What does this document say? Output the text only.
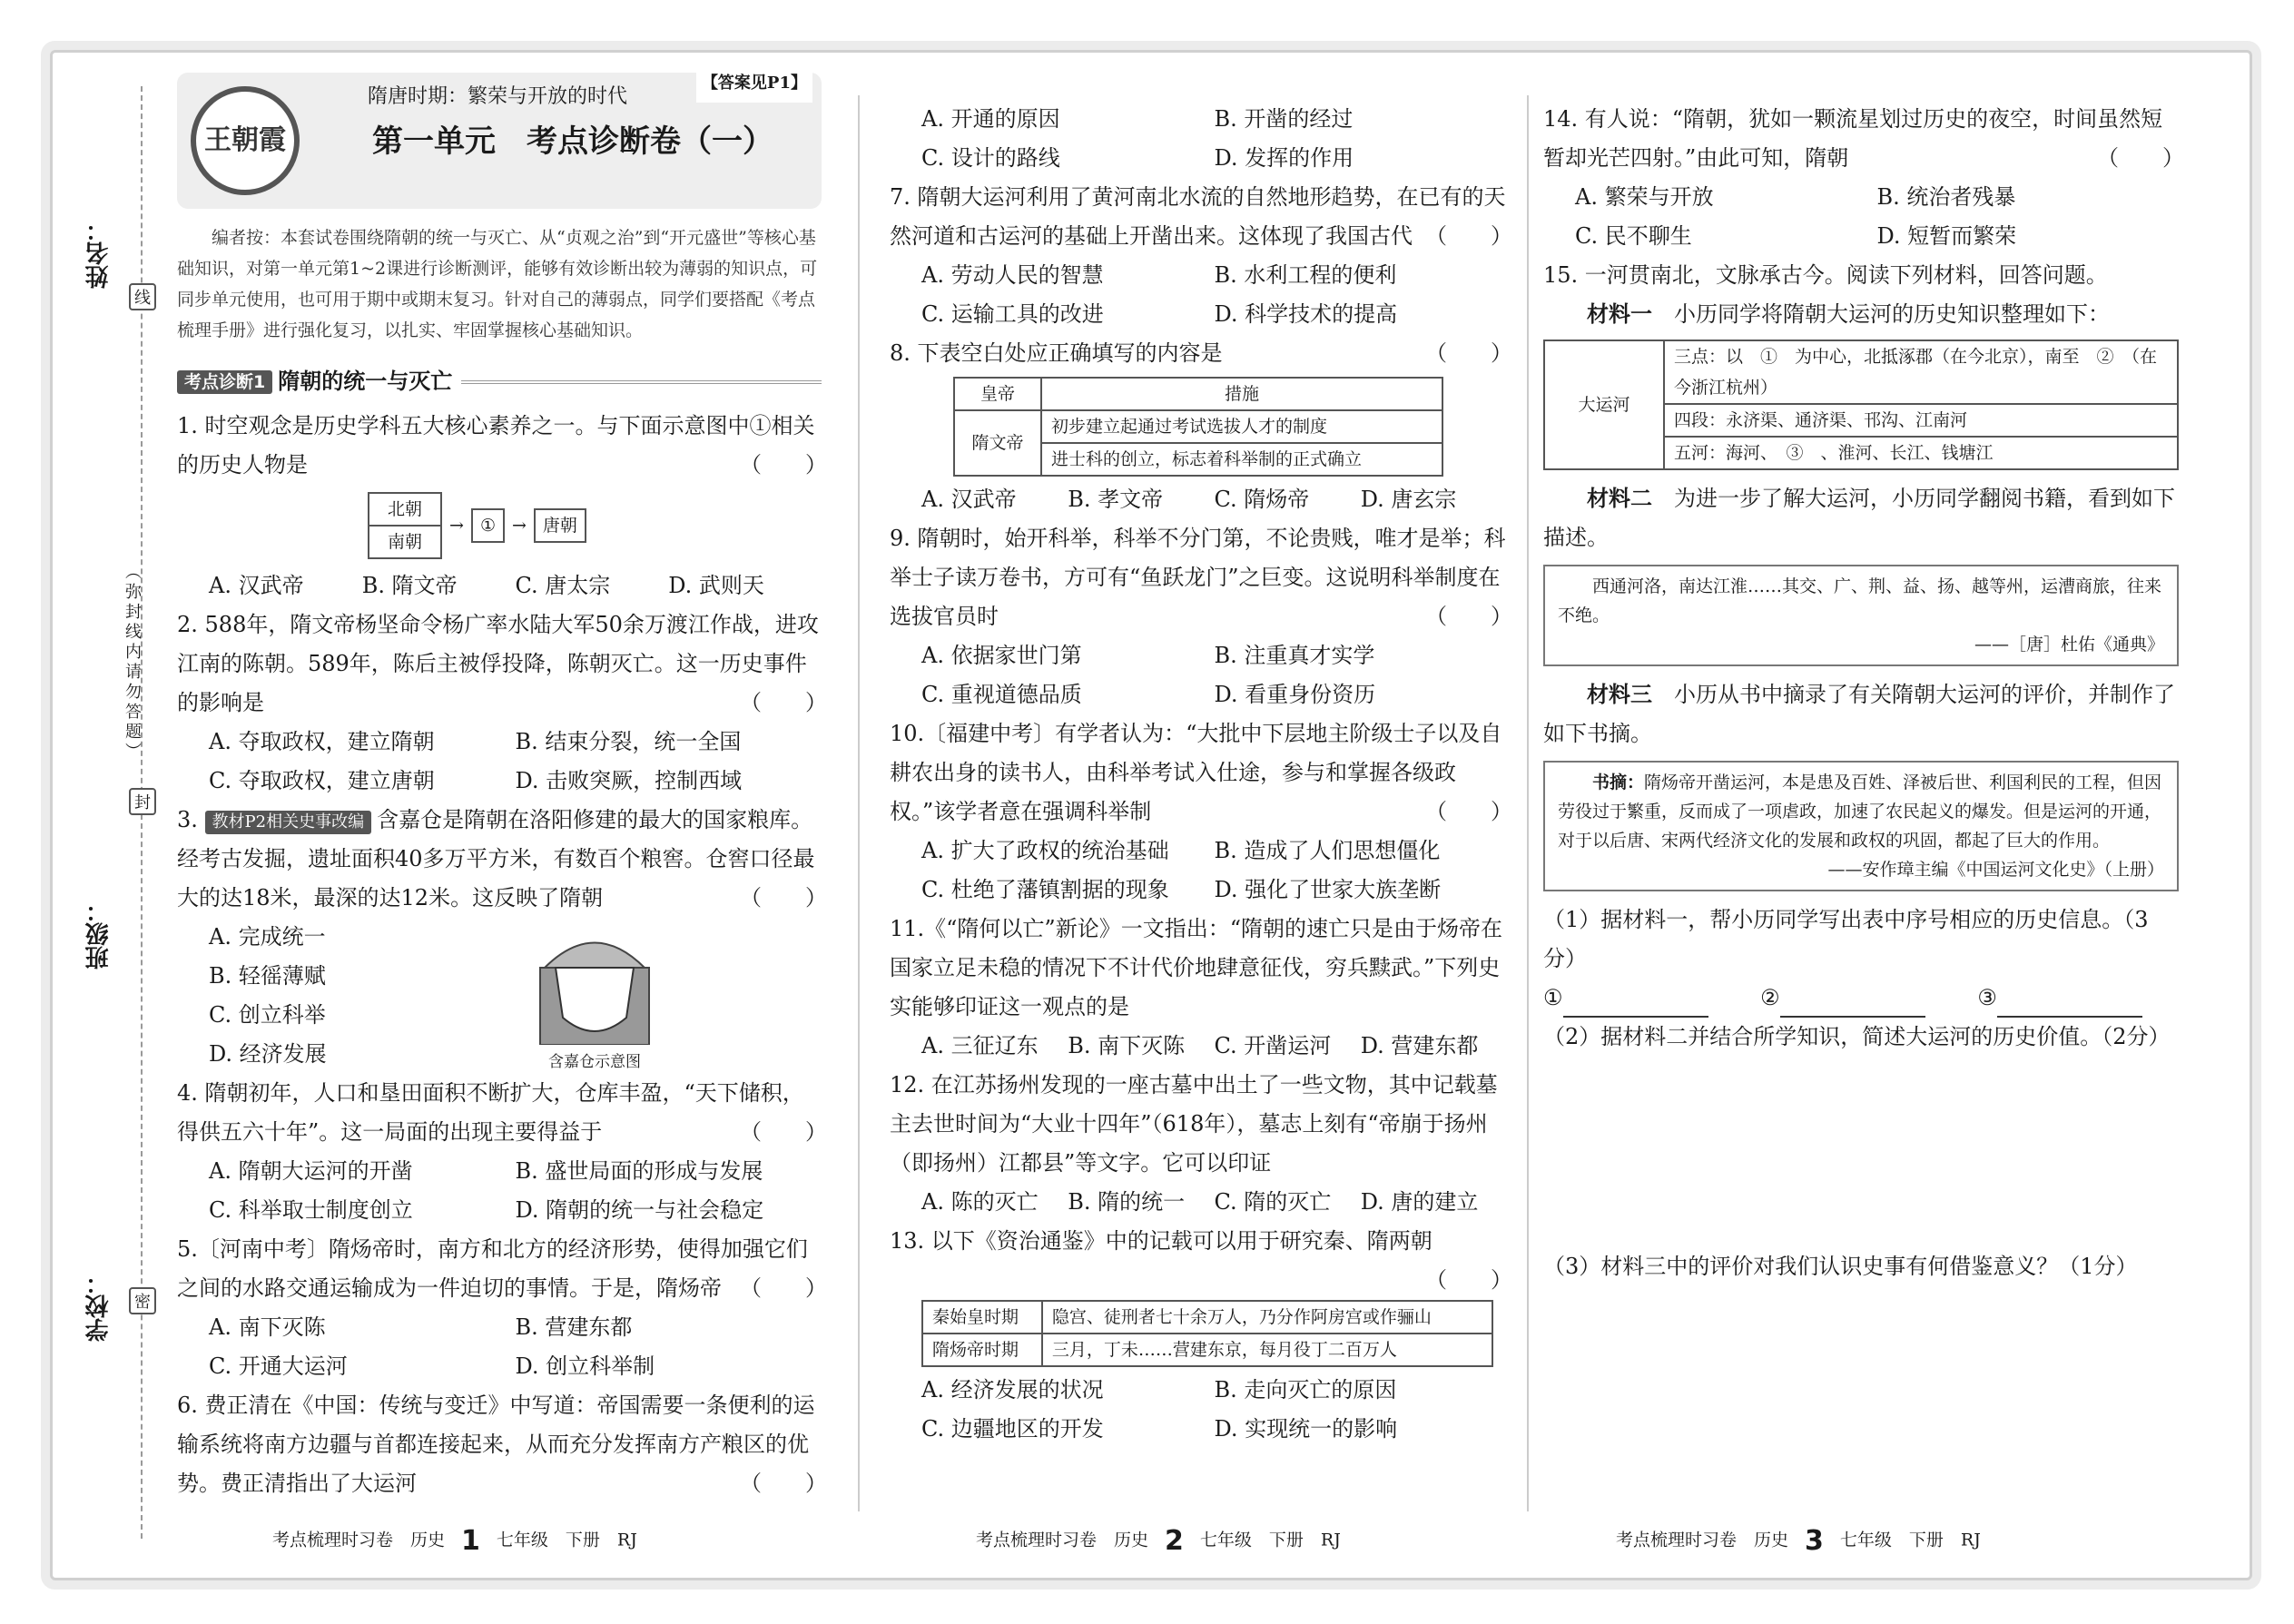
姓名：
班级：
学校：
线
封
密
（弥封线内请勿答题）
王朝霞
隋唐时期：繁荣与开放的时代
【答案见P1】
第一单元　考点诊断卷（一）

编者按：本套试卷围绕隋朝的统一与灭亡、从“贞观之治”到“开元盛世”等核心基础知识，对第一单元第1~2课进行诊断测评，能够有效诊断出较为薄弱的知识点，可同步单元使用，也可用于期中或期末复习。针对自己的薄弱点，同学们要搭配《考点梳理手册》进行强化复习，以扎实、牢固掌握核心基础知识。

考点诊断1 隋朝的统一与灭亡

1. 时空观念是历史学科五大核心素养之一。与下面示意图中①相关的历史人物是	（　　）

北朝
南朝
→ ① → 唐朝
A. 汉武帝	B. 隋文帝	C. 唐太宗	D. 武则天

2. 588年，隋文帝杨坚命令杨广率水陆大军50余万渡江作战，进攻江南的陈朝。589年，陈后主被俘投降，陈朝灭亡。这一历史事件的影响是	（　　）

A. 夺取政权，建立隋朝	B. 结束分裂，统一全国
C. 夺取政权，建立唐朝	D. 击败突厥，控制西域

3. 教材P2相关史事改编 含嘉仓是隋朝在洛阳修建的最大的国家粮库。经考古发掘，遗址面积40多万平方米，有数百个粮窖。仓窖口径最大的达18米，最深的达12米。这反映了隋朝	（　　）

A. 完成统一
B. 轻徭薄赋
C. 创立科举
D. 经济发展	含嘉仓示意图

4. 隋朝初年，人口和垦田面积不断扩大，仓库丰盈，“天下储积，得供五六十年”。这一局面的出现主要得益于	（　　）

A. 隋朝大运河的开凿	B. 盛世局面的形成与发展
C. 科举取士制度创立	D. 隋朝的统一与社会稳定

5.〔河南中考〕隋炀帝时，南方和北方的经济形势，使得加强它们之间的水路交通运输成为一件迫切的事情。于是，隋炀帝 （　　）

A. 南下灭陈	B. 营建东都
C. 开通大运河	D. 创立科举制

6. 费正清在《中国：传统与变迁》中写道：帝国需要一条便利的运输系统将南方边疆与首都连接起来，从而充分发挥南方产粮区的优势。费正清指出了大运河	（　　）

A. 开通的原因	B. 开凿的经过
C. 设计的路线	D. 发挥的作用

7. 隋朝大运河利用了黄河南北水流的自然地形趋势，在已有的天然河道和古运河的基础上开凿出来。这体现了我国古代 （　　）

A. 劳动人民的智慧	B. 水利工程的便利
C. 运输工具的改进	D. 科学技术的提高

8. 下表空白处应正确填写的内容是	（　　）

皇帝	措施
隋文帝	初步建立起通过考试选拔人才的制度
	进士科的创立，标志着科举制的正式确立
A. 汉武帝	B. 孝文帝	C. 隋炀帝	D. 唐玄宗

9. 隋朝时，始开科举，科举不分门第，不论贵贱，唯才是举；科举士子读万卷书，方可有“鱼跃龙门”之巨变。这说明科举制度在选拔官员时	（　　）

A. 依据家世门第	B. 注重真才实学
C. 重视道德品质	D. 看重身份资历

10.〔福建中考〕有学者认为：“大批中下层地主阶级士子以及自耕农出身的读书人，由科举考试入仕途，参与和掌握各级政权。”该学者意在强调科举制	（　　）

A. 扩大了政权的统治基础	B. 造成了人们思想僵化
C. 杜绝了藩镇割据的现象	D. 强化了世家大族垄断

11.《“隋何以亡”新论》一文指出：“隋朝的速亡只是由于炀帝在国家立足未稳的情况下不计代价地肆意征伐，穷兵黩武。”下列史实能够印证这一观点的是

A. 三征辽东	B. 南下灭陈	C. 开凿运河	D. 营建东都

12. 在江苏扬州发现的一座古墓中出土了一些文物，其中记载墓主去世时间为“大业十四年”（618年），墓志上刻有“帝崩于扬州（即扬州）江都县”等文字。它可以印证

A. 陈的灭亡	B. 隋的统一	C. 隋的灭亡	D. 唐的建立

13. 以下《资治通鉴》中的记载可以用于研究秦、隋两朝
（　　）

秦始皇时期	隐宫、徒刑者七十余万人，乃分作阿房宫或作骊山
隋炀帝时期	三月，丁未……营建东京，每月役丁二百万人
A. 经济发展的状况	B. 走向灭亡的原因
C. 边疆地区的开发	D. 实现统一的影响

14. 有人说：“隋朝，犹如一颗流星划过历史的夜空，时间虽然短暂却光芒四射。”由此可知，隋朝	（　　）

A. 繁荣与开放	B. 统治者残暴
C. 民不聊生	D. 短暂而繁荣

15. 一河贯南北，文脉承古今。阅读下列材料，回答问题。

材料一　 小历同学将隋朝大运河的历史知识整理如下：

大运河	三点：以　①　为中心，北抵涿郡（在今北京），南至　②　（在今浙江杭州）
四段：永济渠、通济渠、邗沟、江南河
五河：海河、　③　、淮河、长江、钱塘江

材料二　 为进一步了解大运河，小历同学翻阅书籍，看到如下描述。

西通河洛，南达江淮……其交、广、荆、益、扬、越等州，运漕商旅，往来不绝。
——［唐］杜佑《通典》

材料三　 小历从书中摘录了有关隋朝大运河的评价，并制作了如下书摘。

书摘：隋炀帝开凿运河，本是患及百姓、泽被后世、利国利民的工程，但因劳役过于繁重，反而成了一项虐政，加速了农民起义的爆发。但是运河的开通，对于以后唐、宋两代经济文化的发展和政权的巩固，都起了巨大的作用。
——安作璋主编《中国运河文化史》（上册）

（1）据材料一，帮小历同学写出表中序号相应的历史信息。（3分）

①	②	③

（2）据材料二并结合所学知识，简述大运河的历史价值。（2分）

（3）材料三中的评价对我们认识史事有何借鉴意义？（1分）

考点梳理时习卷　历史 1 七年级　下册　RJ	考点梳理时习卷　历史 2 七年级　下册　RJ	考点梳理时习卷　历史 3 七年级　下册　RJ
